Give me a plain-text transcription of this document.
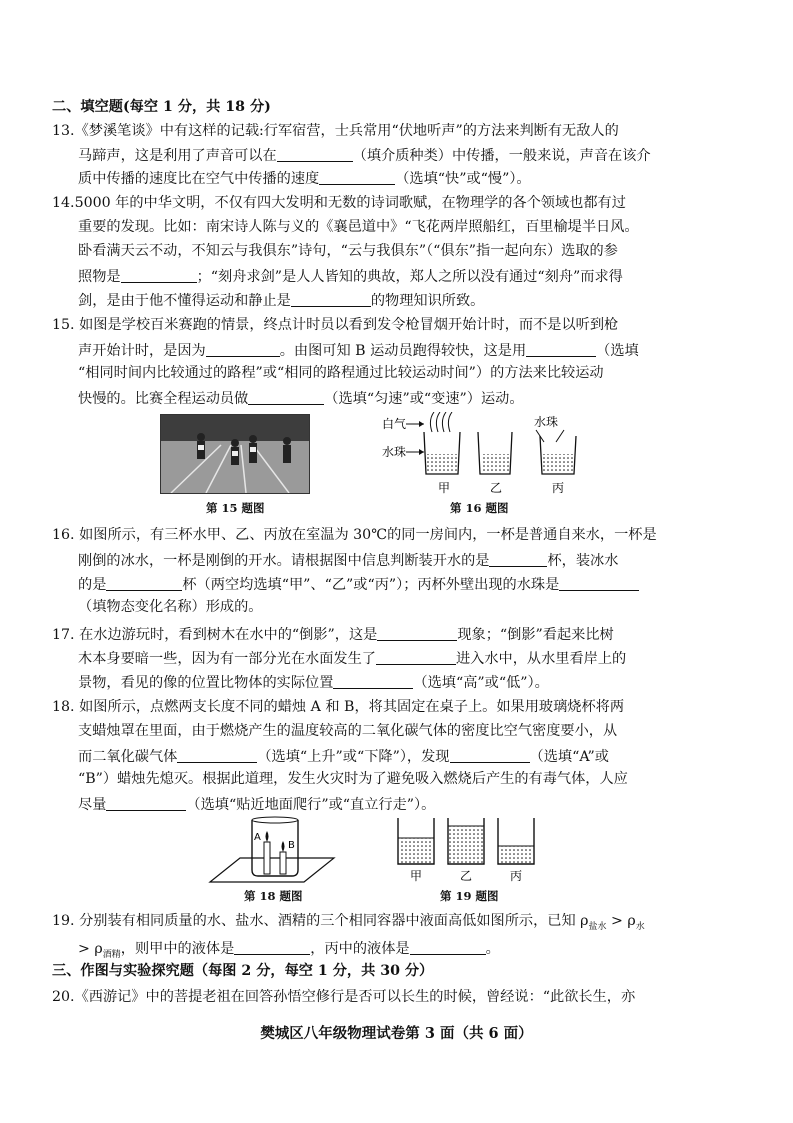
二、填空题(每空 1 分，共 18 分)
13.《梦溪笔谈》中有这样的记载:行军宿营，士兵常用“伏地听声”的方法来判断有无敌人的
马蹄声，这是利用了声音可以在	（填介质种类）中传播，一般来说，声音在该介
质中传播的速度比在空气中传播的速度	（选填“快”或“慢”）。
14.5000 年的中华文明，不仅有四大发明和无数的诗词歌赋，在物理学的各个领域也都有过
重要的发现。比如：南宋诗人陈与义的《襄邑道中》“飞花两岸照船红，百里榆堤半日风。
卧看满天云不动，不知云与我俱东”诗句，“云与我俱东”（“俱东”指一起向东）选取的参
照物是	；“刻舟求剑”是人人皆知的典故，郑人之所以没有通过“刻舟”而求得
剑，是由于他不懂得运动和静止是	的物理知识所致。
15. 如图是学校百米赛跑的情景，终点计时员以看到发令枪冒烟开始计时，而不是以听到枪
声开始计时，是因为	。由图可知 B 运动员跑得较快，这是用	（选填
“相同时间内比较通过的路程”或“相同的路程通过比较运动时间”）的方法来比较运动
快慢的。比赛全程运动员做	（选填“匀速”或“变速”）运动。
第 15 题图
白气
水珠
水珠
甲	乙	丙
第 16 题图
16. 如图所示，有三杯水甲、乙、丙放在室温为 30℃的同一房间内，一杯是普通自来水，一杯是
刚倒的冰水，一杯是刚倒的开水。请根据图中信息判断装开水的是	杯，装冰水
的是	杯（两空均选填“甲”、“乙”或“丙”）；丙杯外壁出现的水珠是
（填物态变化名称）形成的。
17. 在水边游玩时，看到树木在水中的“倒影”，这是	现象；“倒影”看起来比树
木本身要暗一些，因为有一部分光在水面发生了	进入水中，从水里看岸上的
景物，看见的像的位置比物体的实际位置	（选填“高”或“低”）。
18. 如图所示，点燃两支长度不同的蜡烛 A 和 B，将其固定在桌子上。如果用玻璃烧杯将两
支蜡烛罩在里面，由于燃烧产生的温度较高的二氧化碳气体的密度比空气密度要小，从
而二氧化碳气体	（选填“上升”或“下降”），发现	（选填“A”或
“B”）蜡烛先熄灭。根据此道理，发生火灾时为了避免吸入燃烧后产生的有毒气体，人应
尽量	（选填“贴近地面爬行”或“直立行走”）。
A
B
第 18 题图
甲	乙	丙
第 19 题图
19. 分别装有相同质量的水、盐水、酒精的三个相同容器中液面高低如图所示，已知 $\rho_{盐水} > \rho_水$
> $\rho_{酒精}$，则甲中的液体是	，丙中的液体是	。
三、作图与实验探究题（每图 2 分，每空 1 分，共 30 分）
20.《西游记》中的菩提老祖在回答孙悟空修行是否可以长生的时候，曾经说：“此欲长生，亦
樊城区八年级物理试卷第 3 面（共 6 面）
